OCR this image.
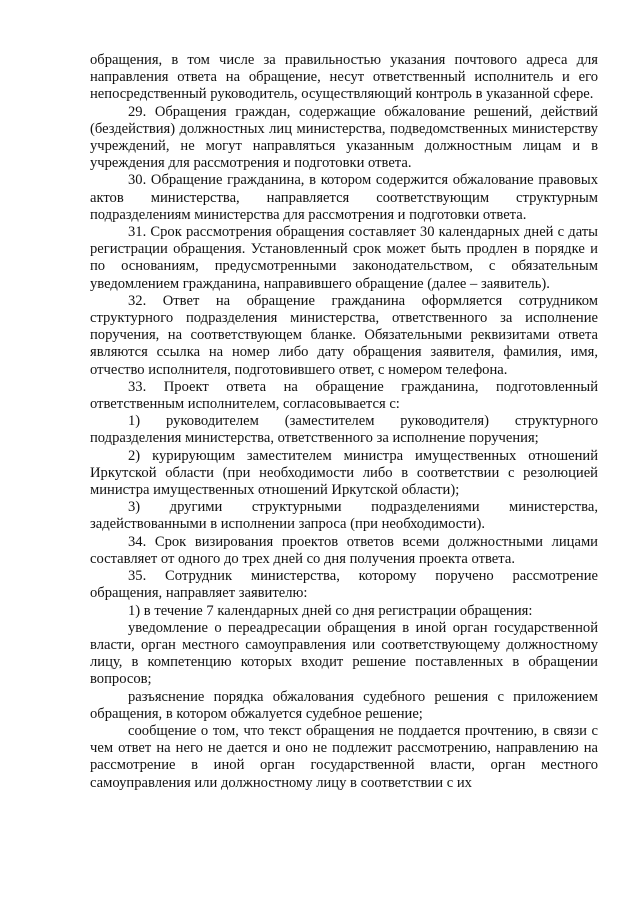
обращения, в том числе за правильностью указания почтового адреса для направления ответа на обращение, несут ответственный исполнитель и его непосредственный руководитель, осуществляющий контроль в указанной сфере.

29. Обращения граждан, содержащие обжалование решений, действий (бездействия) должностных лиц министерства, подведомственных министерству учреждений, не могут направляться указанным должностным лицам и в учреждения для рассмотрения и подготовки ответа.

30. Обращение гражданина, в котором содержится обжалование правовых актов министерства, направляется соответствующим структурным подразделениям министерства для рассмотрения и подготовки ответа.

31. Срок рассмотрения обращения составляет 30 календарных дней с даты регистрации обращения. Установленный срок может быть продлен в порядке и по основаниям, предусмотренными законодательством, с обязательным уведомлением гражданина, направившего обращение (далее – заявитель).

32. Ответ на обращение гражданина оформляется сотрудником структурного подразделения министерства, ответственного за исполнение поручения, на соответствующем бланке. Обязательными реквизитами ответа являются ссылка на номер либо дату обращения заявителя, фамилия, имя, отчество исполнителя, подготовившего ответ, с номером телефона.

33. Проект ответа на обращение гражданина, подготовленный ответственным исполнителем, согласовывается с:

1) руководителем (заместителем руководителя) структурного подразделения министерства, ответственного за исполнение поручения;

2) курирующим заместителем министра имущественных отношений Иркутской области (при необходимости либо в соответствии с резолюцией министра имущественных отношений Иркутской области);

3) другими структурными подразделениями министерства, задействованными в исполнении запроса (при необходимости).

34. Срок визирования проектов ответов всеми должностными лицами составляет от одного до трех дней со дня получения проекта ответа.

35. Сотрудник министерства, которому поручено рассмотрение обращения, направляет заявителю:

1) в течение 7 календарных дней со дня регистрации обращения:

уведомление о переадресации обращения в иной орган государственной власти, орган местного самоуправления или соответствующему должностному лицу, в компетенцию которых входит решение поставленных в обращении вопросов;

разъяснение порядка обжалования судебного решения с приложением обращения, в котором обжалуется судебное решение;

сообщение о том, что текст обращения не поддается прочтению, в связи с чем ответ на него не дается и оно не подлежит рассмотрению, направлению на рассмотрение в иной орган государственной власти, орган местного самоуправления или должностному лицу в соответствии с их
